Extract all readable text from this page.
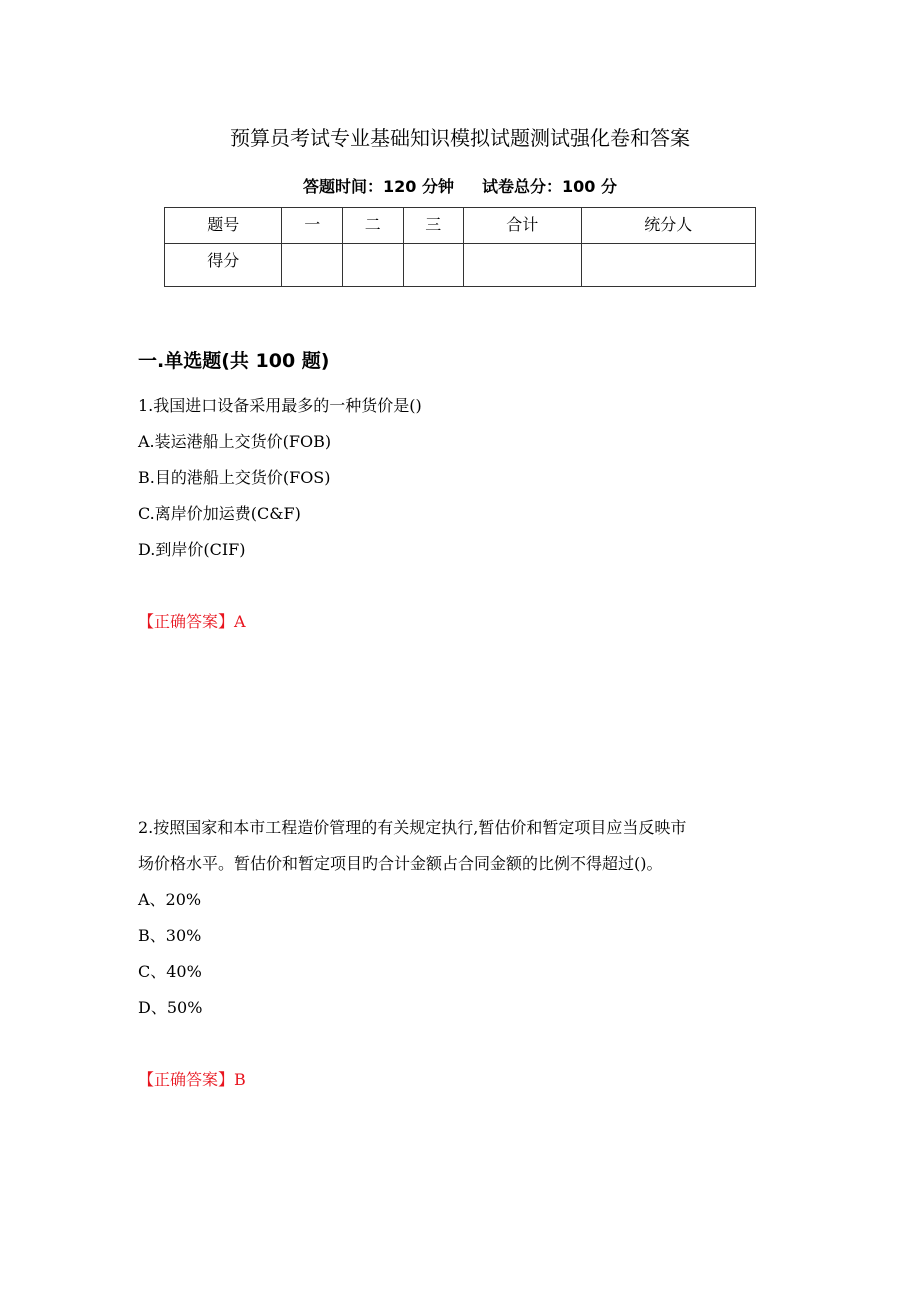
预算员考试专业基础知识模拟试题测试强化卷和答案
答题时间：120 分钟 试卷总分：100 分
题号	一	二	三	合计	统分人
得分					
一.单选题(共 100 题)
1.我国进口设备采用最多的一种货价是()
A.装运港船上交货价(FOB)
B.目的港船上交货价(FOS)
C.离岸价加运费(C&F)
D.到岸价(CIF)
【正确答案】A
2.按照国家和本市工程造价管理的有关规定执行,暂估价和暂定项目应当反映市
场价格水平。暂估价和暂定项目旳合计金额占合同金额的比例不得超过()。
A、20%
B、30%
C、40%
D、50%
【正确答案】B
